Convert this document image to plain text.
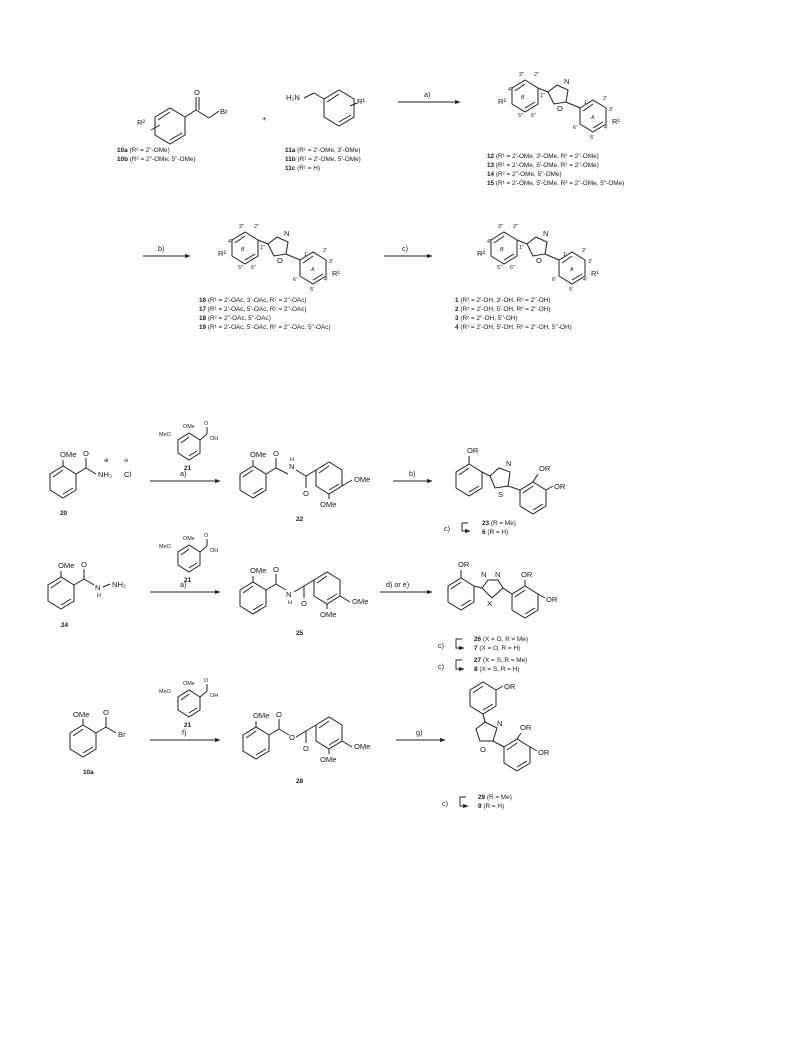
O
Br
R²
10a (R² = 2''-OMe)
10b (R² = 2''-OMe, 5''-OMe)
+
H₂N	R¹
11a (R¹ = 2'-OMe, 3'-OMe)
11b (R¹ = 2'-OMe, 5'-OMe)
11c (R¹ = H)
a)	B
N
O
A R¹
R²
3'' 2''
4''
1''
5'' 6''
1'
2'
3'
4'
5'
6'
12 (R¹ = 2'-OMe, 3'-OMe, R² = 2''-OMe)
13 (R¹ = 2'-OMe, 5'-OMe, R² = 2''-OMe)
14 (R² = 2''-OMe, 5''-OMe)
15 (R¹ = 2'-OMe, 5'-OMe, R² = 2''-OMe, 5''-OMe)
b)	B
N
O
A R¹
R²
3'' 2''
4''
1''
5'' 6''
1'
2'
3'
4'
5'
6'
16 (R¹ = 2'-OAc, 3'-OAc, R² = 2''-OAc)
17 (R¹ = 2'-OAc, 5'-OAc, R² = 2''-OAc)
18 (R² = 2''-OAc, 5''-OAc)
19 (R¹ = 2'-OAc, 5'-OAc, R² = 2''-OAc, 5''-OAc)
c)	B
N
O
A R¹
R²
3'' 2''
4''
1''
5'' 6''
1'
2'
3'
4'
5'
6'
1 (R¹ = 2'-OH, 3'-OH, R² = 2''-OH)
2 (R¹ = 2'-OH, 5'-OH, R² = 2''-OH)
3 (R² = 2''-OH, 5''-OH)
4 (R¹ = 2'-OH, 5'-OH, R² = 2''-OH, 5''-OH)
MeO
OMe O
OH
21
OMe O
⊕
NH₃
⊖
Cl
20
a)
OMe O
H
N
O
OMe
OMe
22
b)
OR
N
S
OR
OR
c)
23 (R = Me)
6 (R = H)
MeO
OMe O
OH
21
OMe O
H
N NH₂
24
a)
OMe O
N
H O	OMe
OMe
25
d) or e)
OR
N N
X
OR
OR
c)
26 (X = O, R = Me)
7 (X = O, R = H)
c)
27 (X = S, R = Me)
8 (X = S, R = H)
MeO
OMe O
OH
21
OMe O
Br
10a
f)
OMe O
O
O	OMe
OMe
28
g)
OR
N
O
OR
OR
c)
29 (R = Me)
9 (R = H)
